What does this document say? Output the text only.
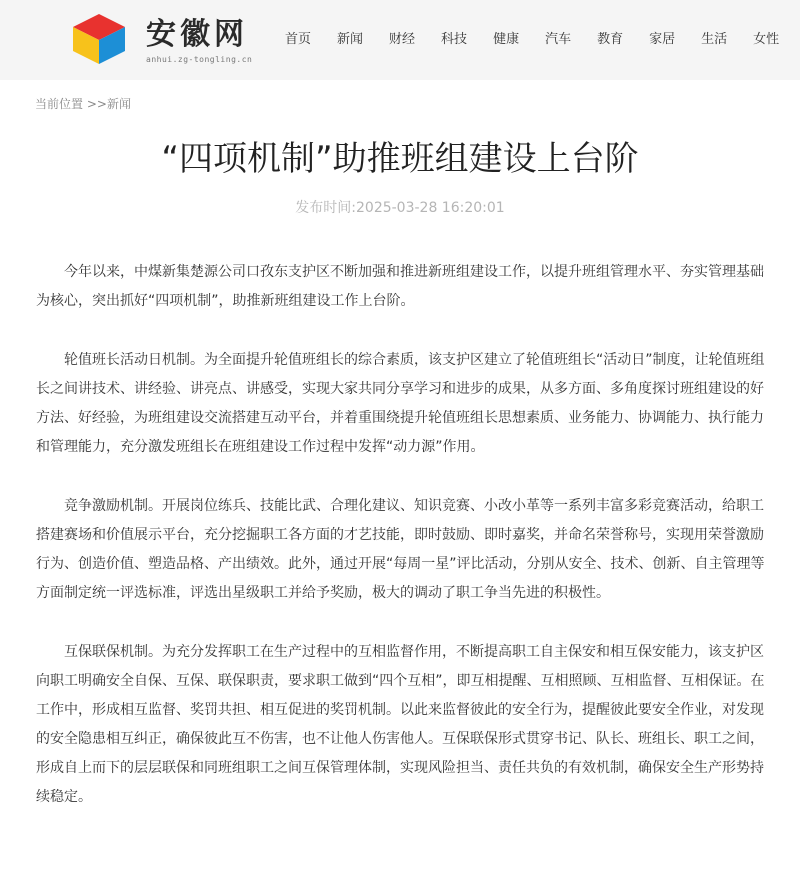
安徽网
anhui.zg-tongling.cn
首页 新闻 财经 科技 健康 汽车 教育 家居 生活 女性
当前位置 >>新闻
“四项机制”助推班组建设上台阶
发布时间:2025-03-28 16:20:01

今年以来，中煤新集楚源公司口孜东支护区不断加强和推进新班组建设工作，以提升班组管理水平、夯实管理基础为核心，突出抓好“四项机制”，助推新班组建设工作上台阶。

轮值班长活动日机制。为全面提升轮值班组长的综合素质，该支护区建立了轮值班组长“活动日”制度，让轮值班组长之间讲技术、讲经验、讲亮点、讲感受，实现大家共同分享学习和进步的成果，从多方面、多角度探讨班组建设的好方法、好经验，为班组建设交流搭建互动平台，并着重围绕提升轮值班组长思想素质、业务能力、协调能力、执行能力和管理能力，充分激发班组长在班组建设工作过程中发挥“动力源”作用。

竞争激励机制。开展岗位练兵、技能比武、合理化建议、知识竞赛、小改小革等一系列丰富多彩竞赛活动，给职工搭建赛场和价值展示平台，充分挖掘职工各方面的才艺技能，即时鼓励、即时嘉奖，并命名荣誉称号，实现用荣誉激励行为、创造价值、塑造品格、产出绩效。此外，通过开展“每周一星”评比活动，分别从安全、技术、创新、自主管理等方面制定统一评选标准，评选出星级职工并给予奖励，极大的调动了职工争当先进的积极性。

互保联保机制。为充分发挥职工在生产过程中的互相监督作用，不断提高职工自主保安和相互保安能力，该支护区向职工明确安全自保、互保、联保职责，要求职工做到“四个互相”，即互相提醒、互相照顾、互相监督、互相保证。在工作中，形成相互监督、奖罚共担、相互促进的奖罚机制。以此来监督彼此的安全行为，提醒彼此要安全作业，对发现的安全隐患相互纠正，确保彼此互不伤害，也不让他人伤害他人。互保联保形式贯穿书记、队长、班组长、职工之间，形成自上而下的层层联保和同班组职工之间互保管理体制，实现风险担当、责任共负的有效机制，确保安全生产形势持续稳定。
